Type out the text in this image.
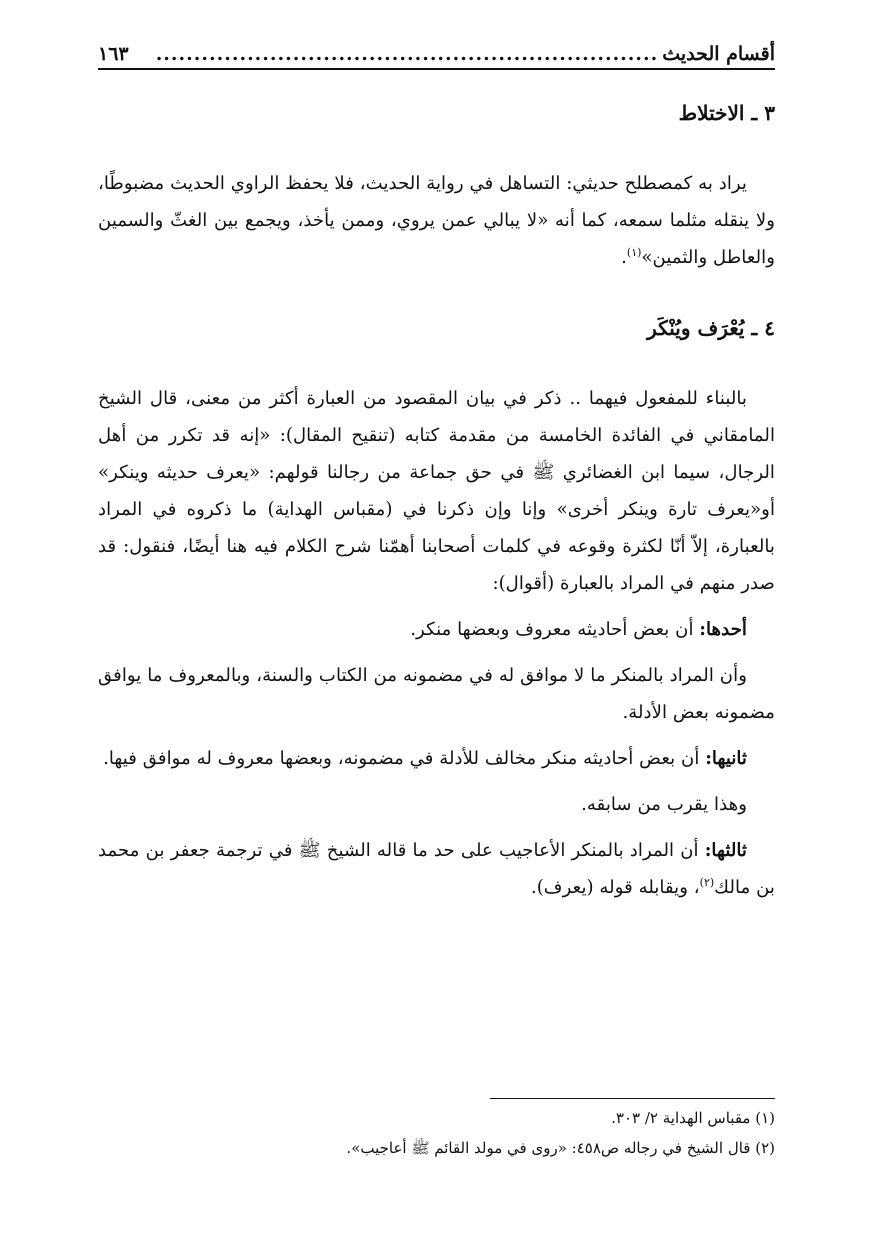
أقسام الحديث
..................................................................
١٦٣
٣ ـ الاختلاط

يراد به كمصطلح حديثي: التساهل في رواية الحديث، فلا يحفظ الراوي الحديث مضبوطًا، ولا ينقله مثلما سمعه، كما أنه «لا يبالي عمن يروي، وممن يأخذ، ويجمع بين الغثّ والسمين والعاطل والثمين»$^{(١)}$.

٤ ـ يُعْرَف ويُنْكَر

بالبناء للمفعول فيهما .. ذكر في بيان المقصود من العبارة أكثر من معنى، قال الشيخ المامقاني في الفائدة الخامسة من مقدمة كتابه (تنقيح المقال): «إنه قد تكرر من أهل الرجال، سيما ابن الغضائري ﷺ في حق جماعة من رجالنا قولهم: «يعرف حديثه وينكر» أو«يعرف تارة وينكر أخرى» وإنا وإن ذكرنا في (مقباس الهداية) ما ذكروه في المراد بالعبارة، إلاّ أنّا لكثرة وقوعه في كلمات أصحابنا أهمّنا شرح الكلام فيه هنا أيضًا، فنقول: قد صدر منهم في المراد بالعبارة (أقوال):

أحدها: أن بعض أحاديثه معروف وبعضها منكر.

وأن المراد بالمنكر ما لا موافق له في مضمونه من الكتاب والسنة، وبالمعروف ما يوافق مضمونه بعض الأدلة.

ثانيها: أن بعض أحاديثه منكر مخالف للأدلة في مضمونه، وبعضها معروف له موافق فيها.

وهذا يقرب من سابقه.

ثالثها: أن المراد بالمنكر الأعاجيب على حد ما قاله الشيخ ﷺ في ترجمة جعفر بن محمد بن مالك$^{(٢)}$، ويقابله قوله (يعرف).

(١) مقباس الهداية ٢/ ٣٠٣.

(٢) قال الشيخ في رجاله ص٤٥٨: «روى في مولد القائم ﷺ أعاجيب».
